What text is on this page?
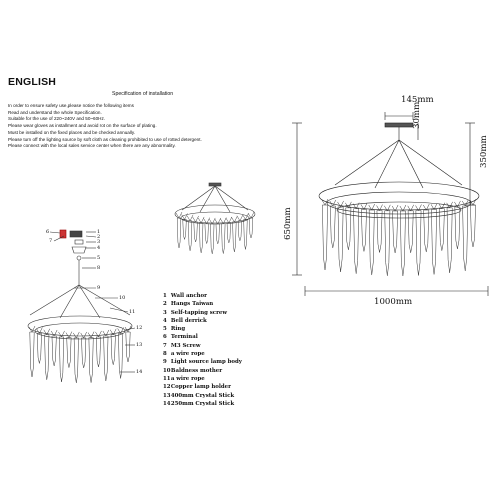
ENGLISH
Specification of installation
In order to ensure safety use,please notice the following items
Read and understand the whole Specification.
Suitable for the use of 220~240V and 50~60Hz.
Please wear gloves as installment and avoid rot on the surface of plating.
Must be installed on the fixed places and be checked annually.
Please turn off the lighting source by soft cloth as cleaning prohibited to use of rotted detergent.
Please connect with the local sales service center when there are any abnormality.
6
7
1
2
3
4
5
8
9
10
11
12
13
14
145mm
30mm
350mm
650mm
1000mm
1 Wall anchor
2 Hangs Taiwan
3 Self-tapping screw
4 Bell derrick
5 Ring
6 Terminal
7 M3 Screw
8 a wire rope
9 Light source lamp body
10 Baldness mother
11 a wire rope
12 Copper lamp holder
13 400mm Crystal Stick
14 250mm Crystal Stick
